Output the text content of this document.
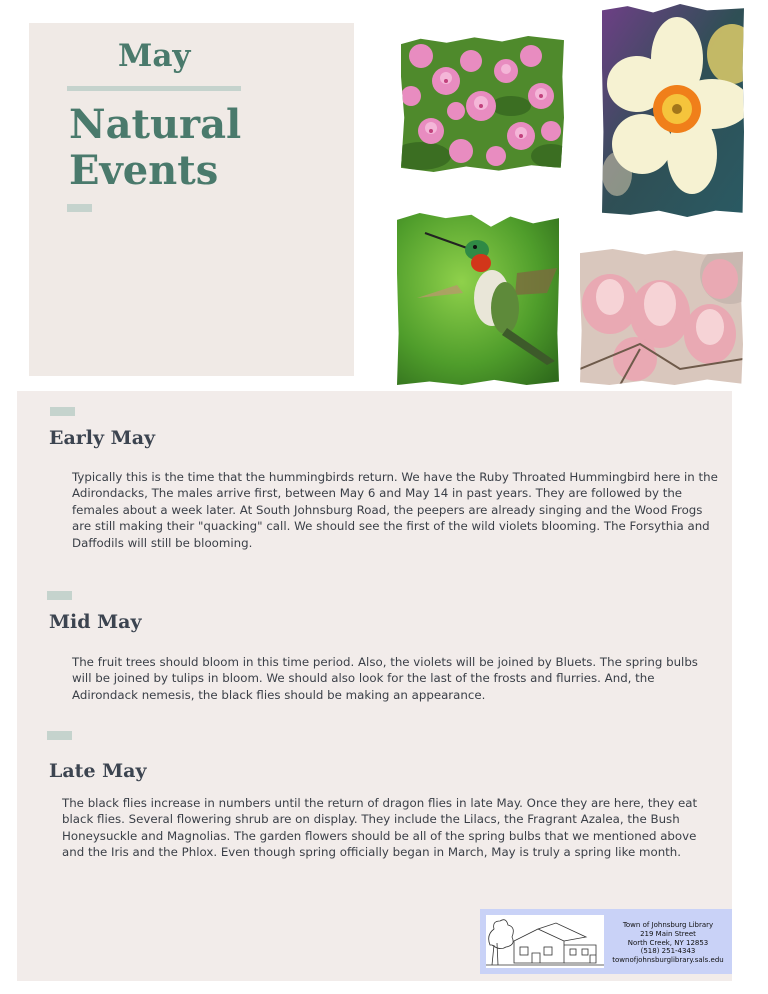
May
Natural
Events
Early May
Typically this is the time that the hummingbirds return. We have the Ruby Throated Hummingbird here in the Adirondacks, The males arrive first, between May 6 and May 14 in past years. They are followed by the females about a week later. At South Johnsburg Road, the peepers are already singing and the Wood Frogs are still making their "quacking" call. We should see the first of the wild violets blooming. The Forsythia and Daffodils will still be blooming.
Mid May
The fruit trees should bloom in this time period. Also, the violets will be joined by Bluets. The spring bulbs will be joined by tulips in bloom. We should also look for the last of the frosts and flurries. And, the Adirondack nemesis, the black flies should be making an appearance.
Late May
The black flies increase in numbers until the return of dragon flies in late May. Once they are here, they eat black flies. Several flowering shrub are on display. They include the Lilacs, the Fragrant Azalea, the Bush Honeysuckle and Magnolias. The garden flowers should be all of the spring bulbs that we mentioned above and the Iris and the Phlox. Even though spring officially began in March, May is truly a spring like month.
Town of Johnsburg Library
219 Main Street
North Creek, NY 12853
(518) 251-4343
townofjohnsburglibrary.sals.edu
